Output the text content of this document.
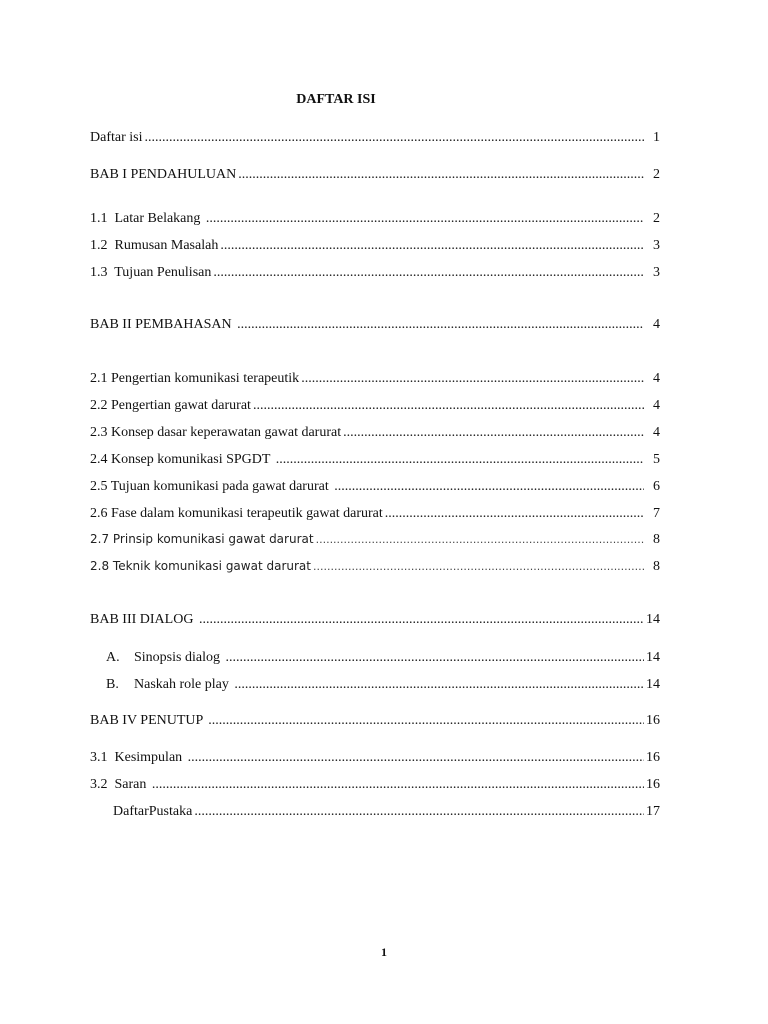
DAFTAR ISI
Daftar isi .....	1
BAB I PENDAHULUAN .....	2
1.1  Latar Belakang .....	2
1.2  Rumusan Masalah .....	3
1.3  Tujuan Penulisan .....	3
BAB II PEMBAHASAN .....	4
2.1 Pengertian komunikasi terapeutik .....	4
2.2 Pengertian gawat darurat .....	4
2.3 Konsep dasar keperawatan gawat darurat .....	4
2.4 Konsep komunikasi SPGDT .....	5
2.5 Tujuan komunikasi pada gawat darurat .....	6
2.6 Fase dalam komunikasi terapeutik gawat darurat .....	7
2.7 Prinsip komunikasi gawat darurat .....	8
2.8 Teknik komunikasi gawat darurat .....	8
BAB III DIALOG .....	14
A.	Sinopsis dialog .....	14
B.	Naskah role play .....	14
BAB IV PENUTUP .....	16
3.1  Kesimpulan .....	16
3.2  Saran .....	16
DaftarPustaka .....	17
1
